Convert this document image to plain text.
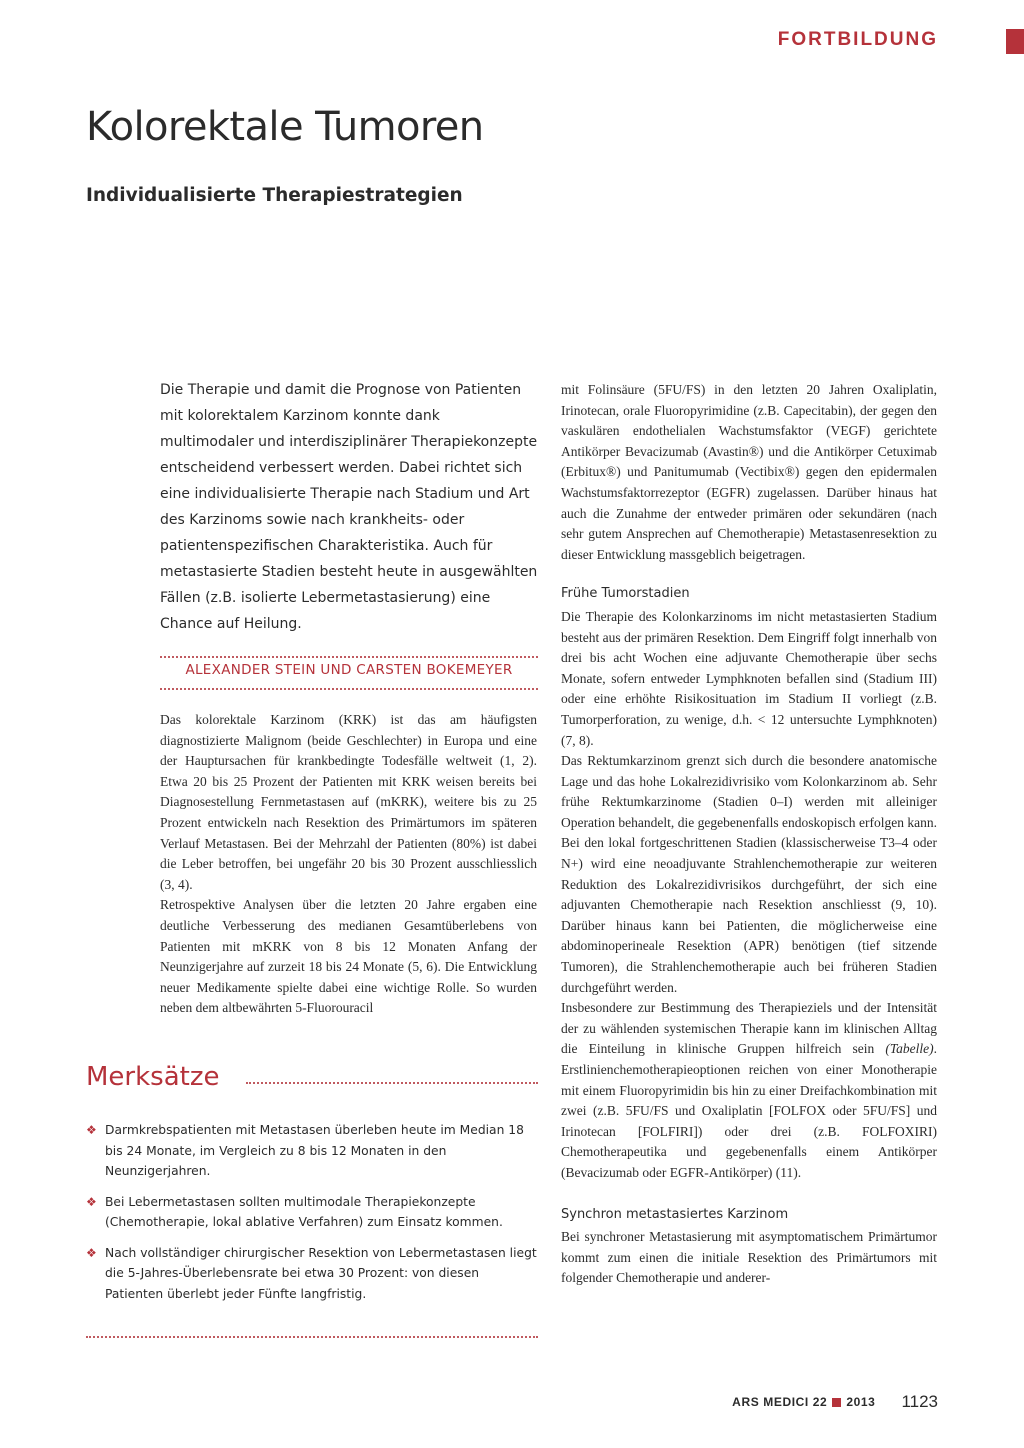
FORTBILDUNG
Kolorektale Tumoren
Individualisierte Therapiestrategien

Die Therapie und damit die Prognose von Patienten mit kolorektalem Karzinom konnte dank multimodaler und interdisziplinärer Therapiekonzepte entscheidend verbessert werden. Dabei richtet sich eine individualisierte Therapie nach Stadium und Art des Karzinoms sowie nach krankheits- oder patientenspezifischen Charakteristika. Auch für metastasierte Stadien besteht heute in ausgewählten Fällen (z.B. isolierte Lebermetastasierung) eine Chance auf Heilung.

ALEXANDER STEIN UND CARSTEN BOKEMEYER

Das kolorektale Karzinom (KRK) ist das am häufigsten diagnostizierte Malignom (beide Geschlechter) in Europa und eine der Hauptursachen für krankbedingte Todesfälle weltweit (1, 2). Etwa 20 bis 25 Prozent der Patienten mit KRK weisen bereits bei Diagnosestellung Fernmetastasen auf (mKRK), weitere bis zu 25 Prozent entwickeln nach Resektion des Primärtumors im späteren Verlauf Metastasen. Bei der Mehrzahl der Patienten (80%) ist dabei die Leber betroffen, bei ungefähr 20 bis 30 Prozent ausschliesslich (3, 4).

Retrospektive Analysen über die letzten 20 Jahre ergaben eine deutliche Verbesserung des medianen Gesamtüberlebens von Patienten mit mKRK von 8 bis 12 Monaten Anfang der Neunzigerjahre auf zurzeit 18 bis 24 Monate (5, 6). Die Entwicklung neuer Medikamente spielte dabei eine wichtige Rolle. So wurden neben dem altbewährten 5-Fluorouracil

mit Folinsäure (5FU/FS) in den letzten 20 Jahren Oxaliplatin, Irinotecan, orale Fluoropyrimidine (z.B. Capecitabin), der gegen den vaskulären endothelialen Wachstumsfaktor (VEGF) gerichtete Antikörper Bevacizumab (Avastin®) und die Antikörper Cetuximab (Erbitux®) und Panitumumab (Vectibix®) gegen den epidermalen Wachstumsfaktorrezeptor (EGFR) zugelassen. Darüber hinaus hat auch die Zunahme der entweder primären oder sekundären (nach sehr gutem Ansprechen auf Chemotherapie) Metastasenresektion zu dieser Entwicklung massgeblich beigetragen.

Frühe Tumorstadien

Die Therapie des Kolonkarzinoms im nicht metastasierten Stadium besteht aus der primären Resektion. Dem Eingriff folgt innerhalb von drei bis acht Wochen eine adjuvante Chemotherapie über sechs Monate, sofern entweder Lymphknoten befallen sind (Stadium III) oder eine erhöhte Risikosituation im Stadium II vorliegt (z.B. Tumorperforation, zu wenige, d.h. < 12 untersuchte Lymphknoten) (7, 8).

Das Rektumkarzinom grenzt sich durch die besondere anatomische Lage und das hohe Lokalrezidivrisiko vom Kolonkarzinom ab. Sehr frühe Rektumkarzinome (Stadien 0–I) werden mit alleiniger Operation behandelt, die gegebenenfalls endoskopisch erfolgen kann. Bei den lokal fortgeschrittenen Stadien (klassischerweise T3–4 oder N+) wird eine neoadjuvante Strahlenchemotherapie zur weiteren Reduktion des Lokalrezidivrisikos durchgeführt, der sich eine adjuvanten Chemotherapie nach Resektion anschliesst (9, 10). Darüber hinaus kann bei Patienten, die möglicherweise eine abdominoperineale Resektion (APR) benötigen (tief sitzende Tumoren), die Strahlenchemotherapie auch bei früheren Stadien durchgeführt werden.

Insbesondere zur Bestimmung des Therapieziels und der Intensität der zu wählenden systemischen Therapie kann im klinischen Alltag die Einteilung in klinische Gruppen hilfreich sein (Tabelle). Erstlinienchemotherapieoptionen reichen von einer Monotherapie mit einem Fluoropyrimidin bis hin zu einer Dreifachkombination mit zwei (z.B. 5FU/FS und Oxaliplatin [FOLFOX oder 5FU/FS] und Irinotecan [FOLFIRI]) oder drei (z.B. FOLFOXIRI) Chemotherapeutika und gegebenenfalls einem Antikörper (Bevacizumab oder EGFR-Antikörper) (11).

Synchron metastasiertes Karzinom

Bei synchroner Metastasierung mit asymptomatischem Primärtumor kommt zum einen die initiale Resektion des Primärtumors mit folgender Chemotherapie und anderer-

Merksätze
❖ Darmkrebspatienten mit Metastasen überleben heute im Median 18 bis 24 Monate, im Vergleich zu 8 bis 12 Monaten in den Neunzigerjahren.
❖ Bei Lebermetastasen sollten multimodale Therapiekonzepte (Chemotherapie, lokal ablative Verfahren) zum Einsatz kommen.
❖ Nach vollständiger chirurgischer Resektion von Lebermetastasen liegt die 5-Jahres-Überlebensrate bei etwa 30 Prozent: von diesen Patienten überlebt jeder Fünfte langfristig.
ARS MEDICI 22 2013 1123
